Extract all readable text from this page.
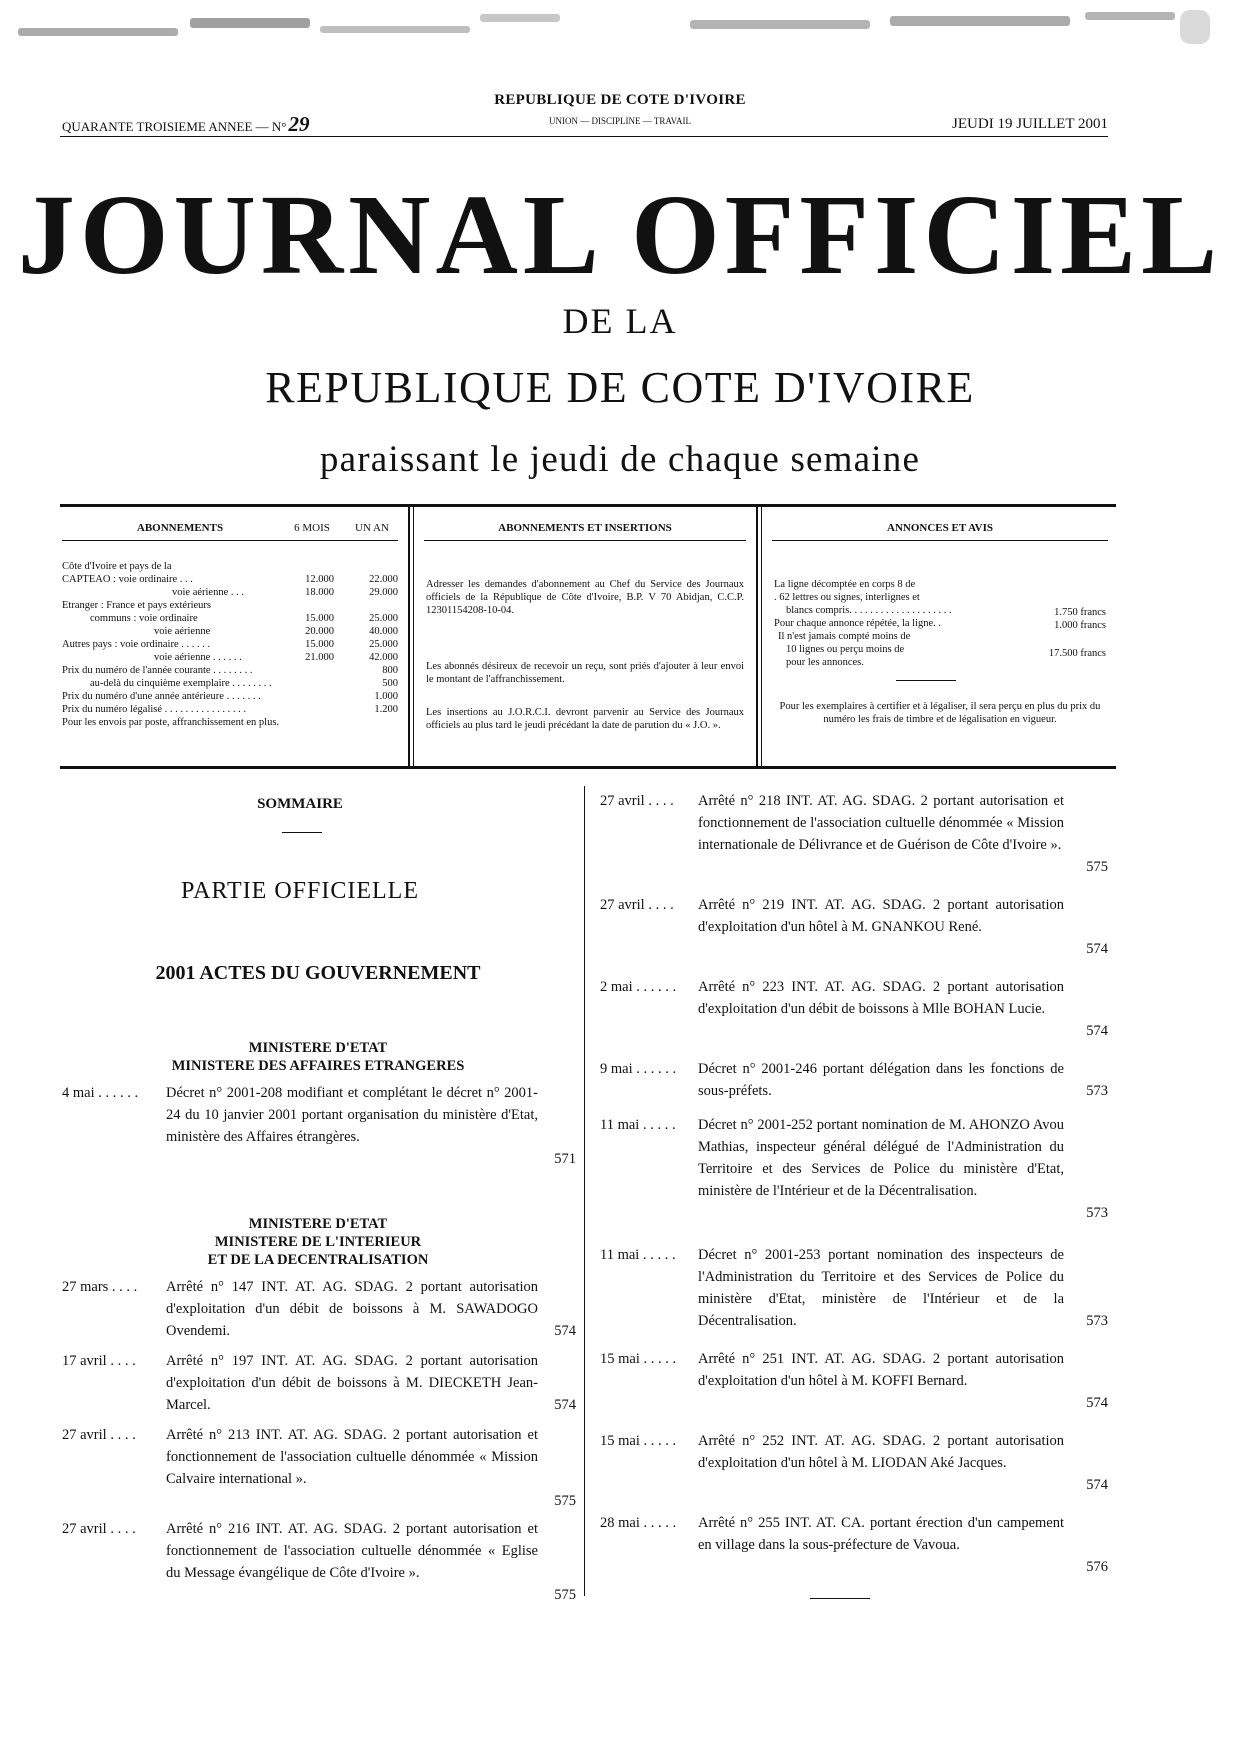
REPUBLIQUE DE COTE D'IVOIRE
UNION — DISCIPLINE — TRAVAIL
QUARANTE TROISIEME ANNEE — N°29	JEUDI 19 JUILLET 2001
JOURNAL OFFICIEL
DE LA
REPUBLIQUE DE COTE D'IVOIRE
paraissant le jeudi de chaque semaine
ABONNEMENTS	6 MOIS	UN AN
Côte d'Ivoire et pays de la
CAPTEAO : voie ordinaire . . .	12.000	22.000
voie aérienne . . .	18.000	29.000
Etranger : France et pays extérieurs
communs : voie ordinaire	15.000	25.000
voie aérienne	20.000	40.000
Autres pays : voie ordinaire . . . . . .	15.000	25.000
voie aérienne . . . . . .	21.000	42.000
Prix du numéro de l'année courante . . . . . . . .	800
au-delà du cinquième exemplaire . . . . . . . .	500
Prix du numéro d'une année antérieure . . . . . . .	1.000
Prix du numéro légalisé . . . . . . . . . . . . . . . .	1.200
Pour les envois par poste, affranchissement en plus.
ABONNEMENTS ET INSERTIONS
Adresser les demandes d'abonnement au Chef du Service des Journaux officiels de la République de Côte d'Ivoire, B.P. V 70 Abidjan, C.C.P. 12301154208-10-04.
Les abonnés désireux de recevoir un reçu, sont priés d'ajouter à leur envoi le montant de l'affranchissement.
Les insertions au J.O.R.C.I. devront parvenir au Service des Journaux officiels au plus tard le jeudi précédant la date de parution du « J.O. ».
ANNONCES ET AVIS
La ligne décomptée en corps 8 de
. 62 lettres ou signes, interlignes et
blancs compris. . . . . . . . . . . . . . . . . . . .	1.750 francs
Pour chaque annonce répétée, la ligne. .	1.000 francs
Il n'est jamais compté moins de
10 lignes ou perçu moins de	17.500 francs
pour les annonces.
Pour les exemplaires à certifier et à légaliser, il sera perçu en plus du prix du numéro les frais de timbre et de légalisation en vigueur.
SOMMAIRE
PARTIE OFFICIELLE
2001 ACTES DU GOUVERNEMENT
MINISTERE D'ETAT
MINISTERE DES AFFAIRES ETRANGERES
4 mai . . . . . . Décret n° 2001-208 modifiant et complétant le décret n° 2001-24 du 10 janvier 2001 portant organisation du ministère d'Etat, ministère des Affaires étrangères.
571
MINISTERE D'ETAT
MINISTERE DE L'INTERIEUR
ET DE LA DECENTRALISATION
27 mars . . . . Arrêté n° 147 INT. AT. AG. SDAG. 2 portant autorisation d'exploitation d'un débit de boissons à M. SAWADOGO Ovendemi.	574
17 avril . . . . Arrêté n° 197 INT. AT. AG. SDAG. 2 portant autorisation d'exploitation d'un débit de boissons à M. DIECKETH Jean-Marcel.	574
27 avril . . . . Arrêté n° 213 INT. AT. AG. SDAG. 2 portant autorisation et fonctionnement de l'association cultuelle dénommée « Mission Calvaire international ».
575
27 avril . . . . Arrêté n° 216 INT. AT. AG. SDAG. 2 portant autorisation et fonctionnement de l'association cultuelle dénommée « Eglise du Message évangélique de Côte d'Ivoire ».
575
27 avril . . . . Arrêté n° 218 INT. AT. AG. SDAG. 2 portant autorisation et fonctionnement de l'association cultuelle dénommée « Mission internationale de Délivrance et de Guérison de Côte d'Ivoire ».
575
27 avril . . . . Arrêté n° 219 INT. AT. AG. SDAG. 2 portant autorisation d'exploitation d'un hôtel à M. GNANKOU René.
574
2 mai . . . . . . Arrêté n° 223 INT. AT. AG. SDAG. 2 portant autorisation d'exploitation d'un débit de boissons à Mlle BOHAN Lucie.
574
9 mai . . . . . . Décret n° 2001-246 portant délégation dans les fonctions de sous-préfets.	573
11 mai . . . . . Décret n° 2001-252 portant nomination de M. AHONZO Avou Mathias, inspecteur général délégué de l'Administration du Territoire et des Services de Police du ministère d'Etat, ministère de l'Intérieur et de la Décentralisation.
573
11 mai . . . . . Décret n° 2001-253 portant nomination des inspecteurs de l'Administration du Territoire et des Services de Police du ministère d'Etat, ministère de l'Intérieur et de la Décentralisation.	573
15 mai . . . . . Arrêté n° 251 INT. AT. AG. SDAG. 2 portant autorisation d'exploitation d'un hôtel à M. KOFFI Bernard.
574
15 mai . . . . . Arrêté n° 252 INT. AT. AG. SDAG. 2 portant autorisation d'exploitation d'un hôtel à M. LIODAN Aké Jacques.
574
28 mai . . . . . Arrêté n° 255 INT. AT. CA. portant érection d'un campement en village dans la sous-préfecture de Vavoua.
576
